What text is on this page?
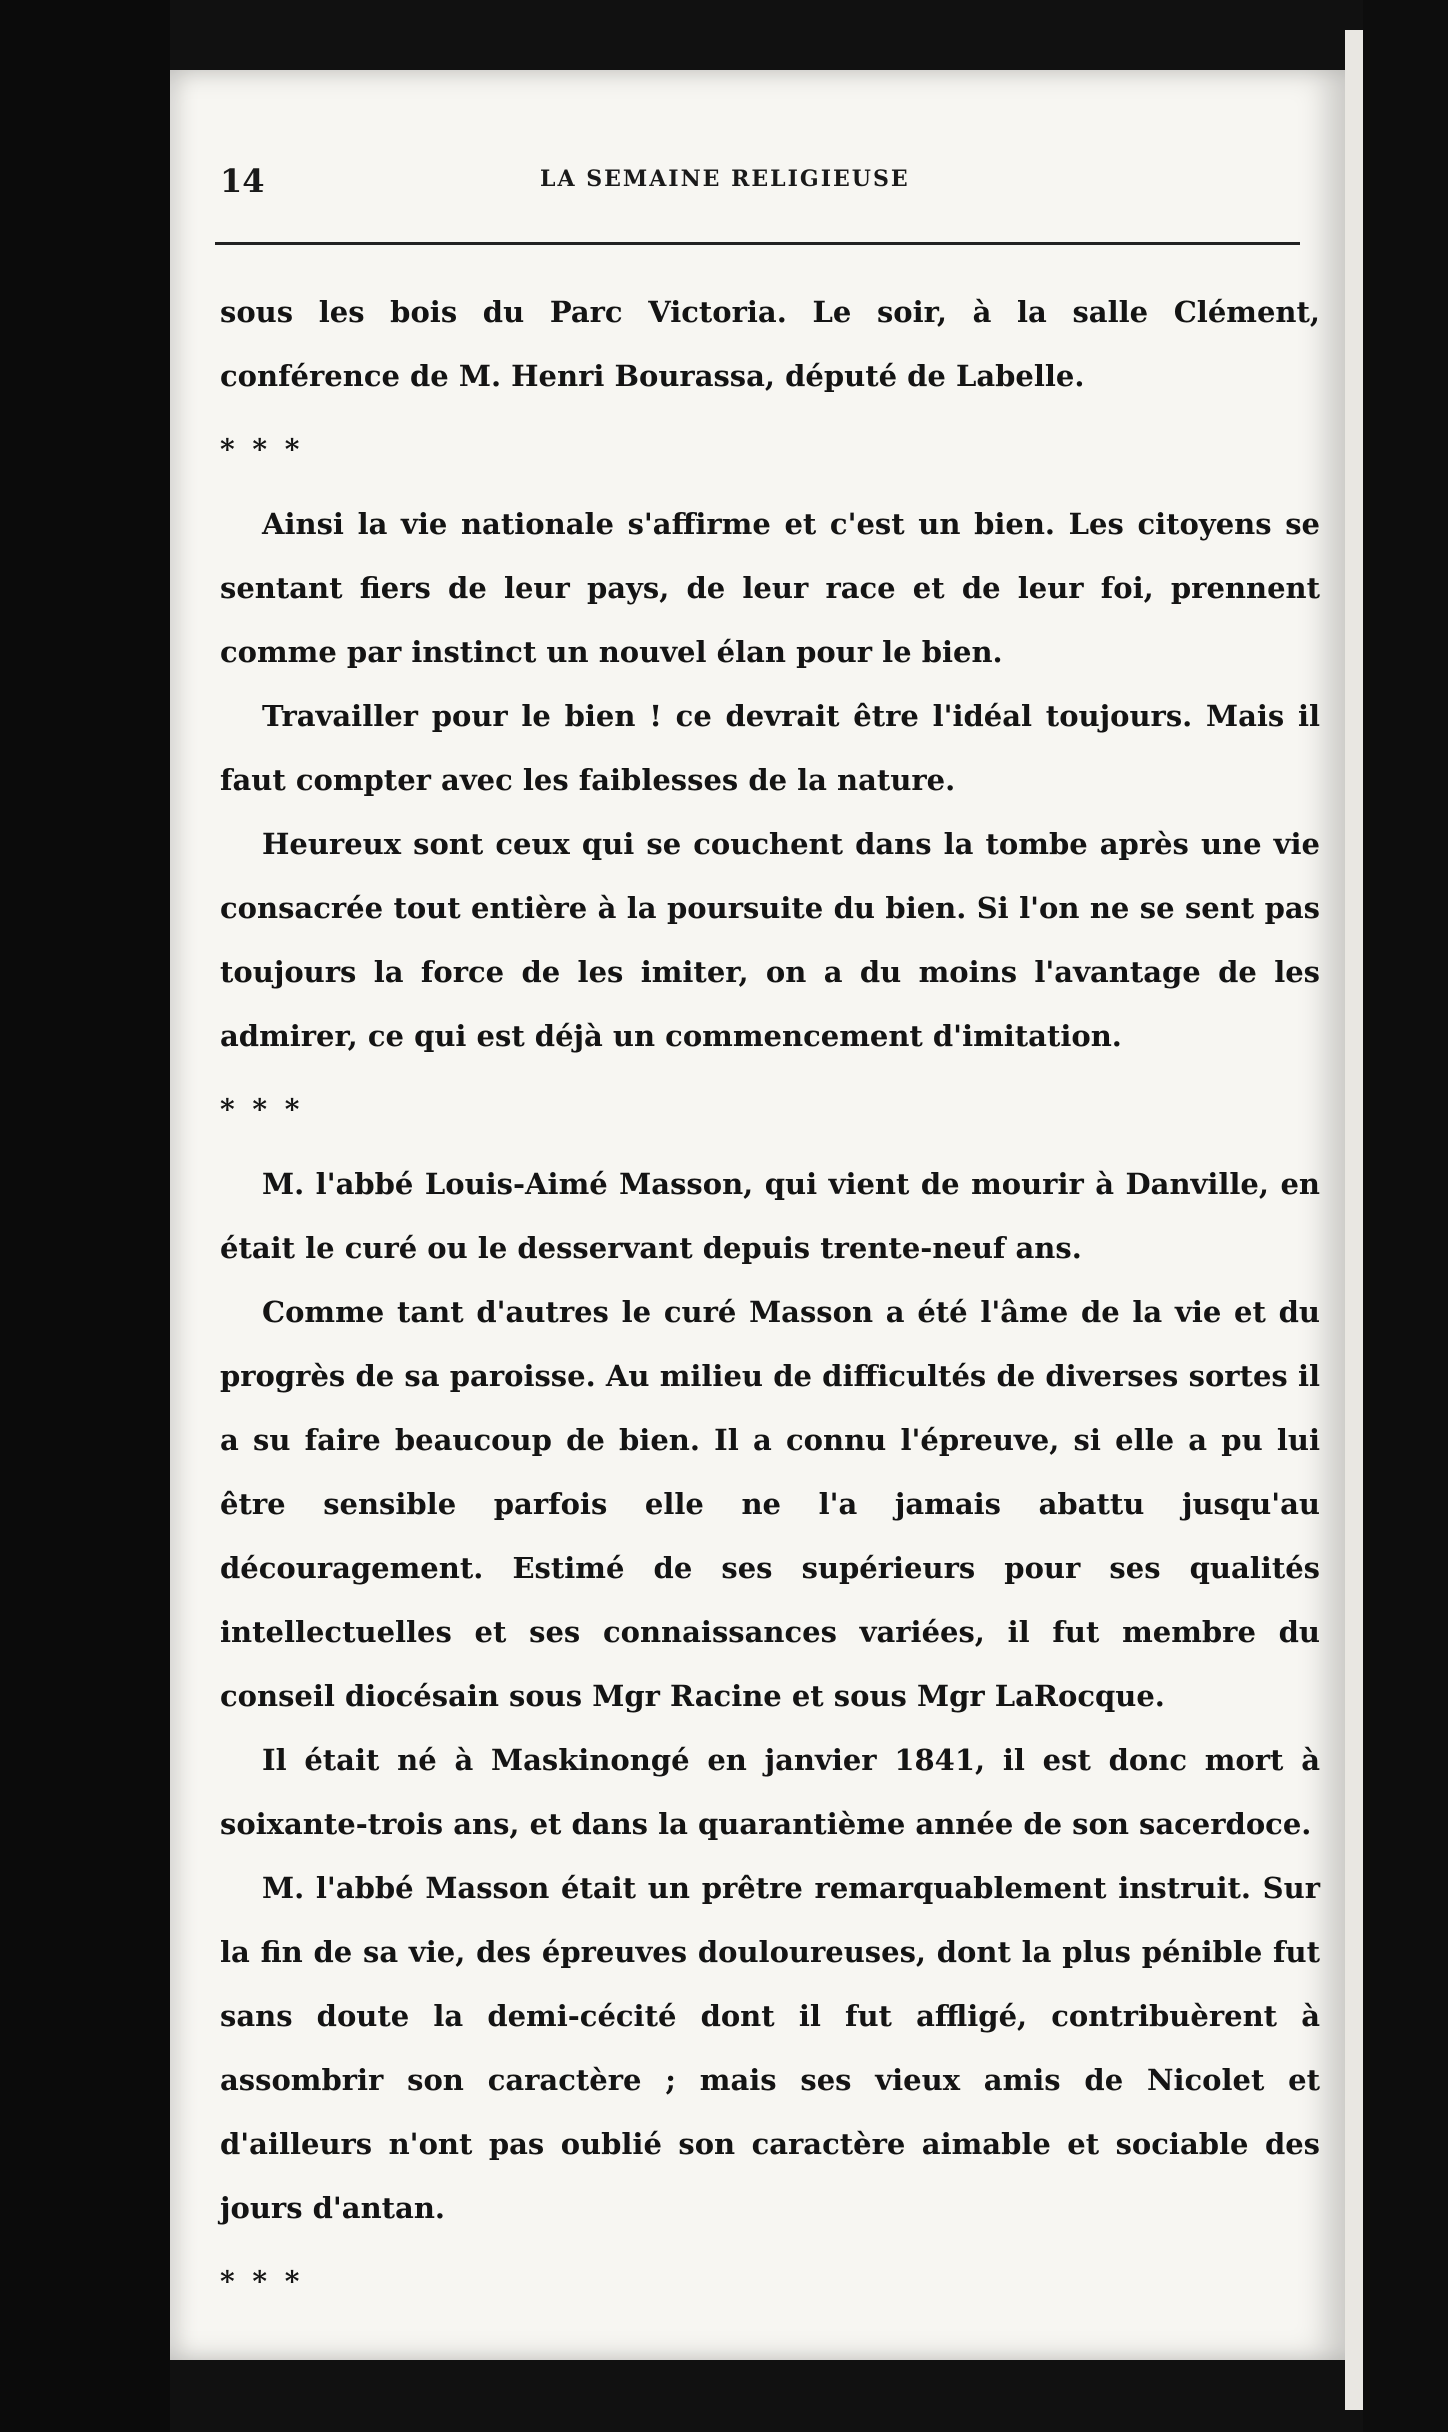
14	LA SEMAINE RELIGIEUSE

sous les bois du Parc Victoria. Le soir, à la salle Clément, conférence de M. Henri Bourassa, député de Labelle.

* * *

Ainsi la vie nationale s'affirme et c'est un bien. Les citoyens se sentant fiers de leur pays, de leur race et de leur foi, prennent comme par instinct un nouvel élan pour le bien.

Travailler pour le bien ! ce devrait être l'idéal toujours. Mais il faut compter avec les faiblesses de la nature.

Heureux sont ceux qui se couchent dans la tombe après une vie consacrée tout entière à la poursuite du bien. Si l'on ne se sent pas toujours la force de les imiter, on a du moins l'avantage de les admirer, ce qui est déjà un commencement d'imitation.

* * *

M. l'abbé Louis-Aimé Masson, qui vient de mourir à Danville, en était le curé ou le desservant depuis trente-neuf ans.

Comme tant d'autres le curé Masson a été l'âme de la vie et du progrès de sa paroisse. Au milieu de difficultés de diverses sortes il a su faire beaucoup de bien. Il a connu l'épreuve, si elle a pu lui être sensible parfois elle ne l'a jamais abattu jusqu'au découragement. Estimé de ses supérieurs pour ses qualités intellectuelles et ses connaissances variées, il fut membre du conseil diocésain sous Mgr Racine et sous Mgr LaRocque.

Il était né à Maskinongé en janvier 1841, il est donc mort à soixante-trois ans, et dans la quarantième année de son sacerdoce.

M. l'abbé Masson était un prêtre remarquablement instruit. Sur la fin de sa vie, des épreuves douloureuses, dont la plus pénible fut sans doute la demi-cécité dont il fut affligé, contribuèrent à assombrir son caractère ; mais ses vieux amis de Nicolet et d'ailleurs n'ont pas oublié son caractère aimable et sociable des jours d'antan.

* * *
